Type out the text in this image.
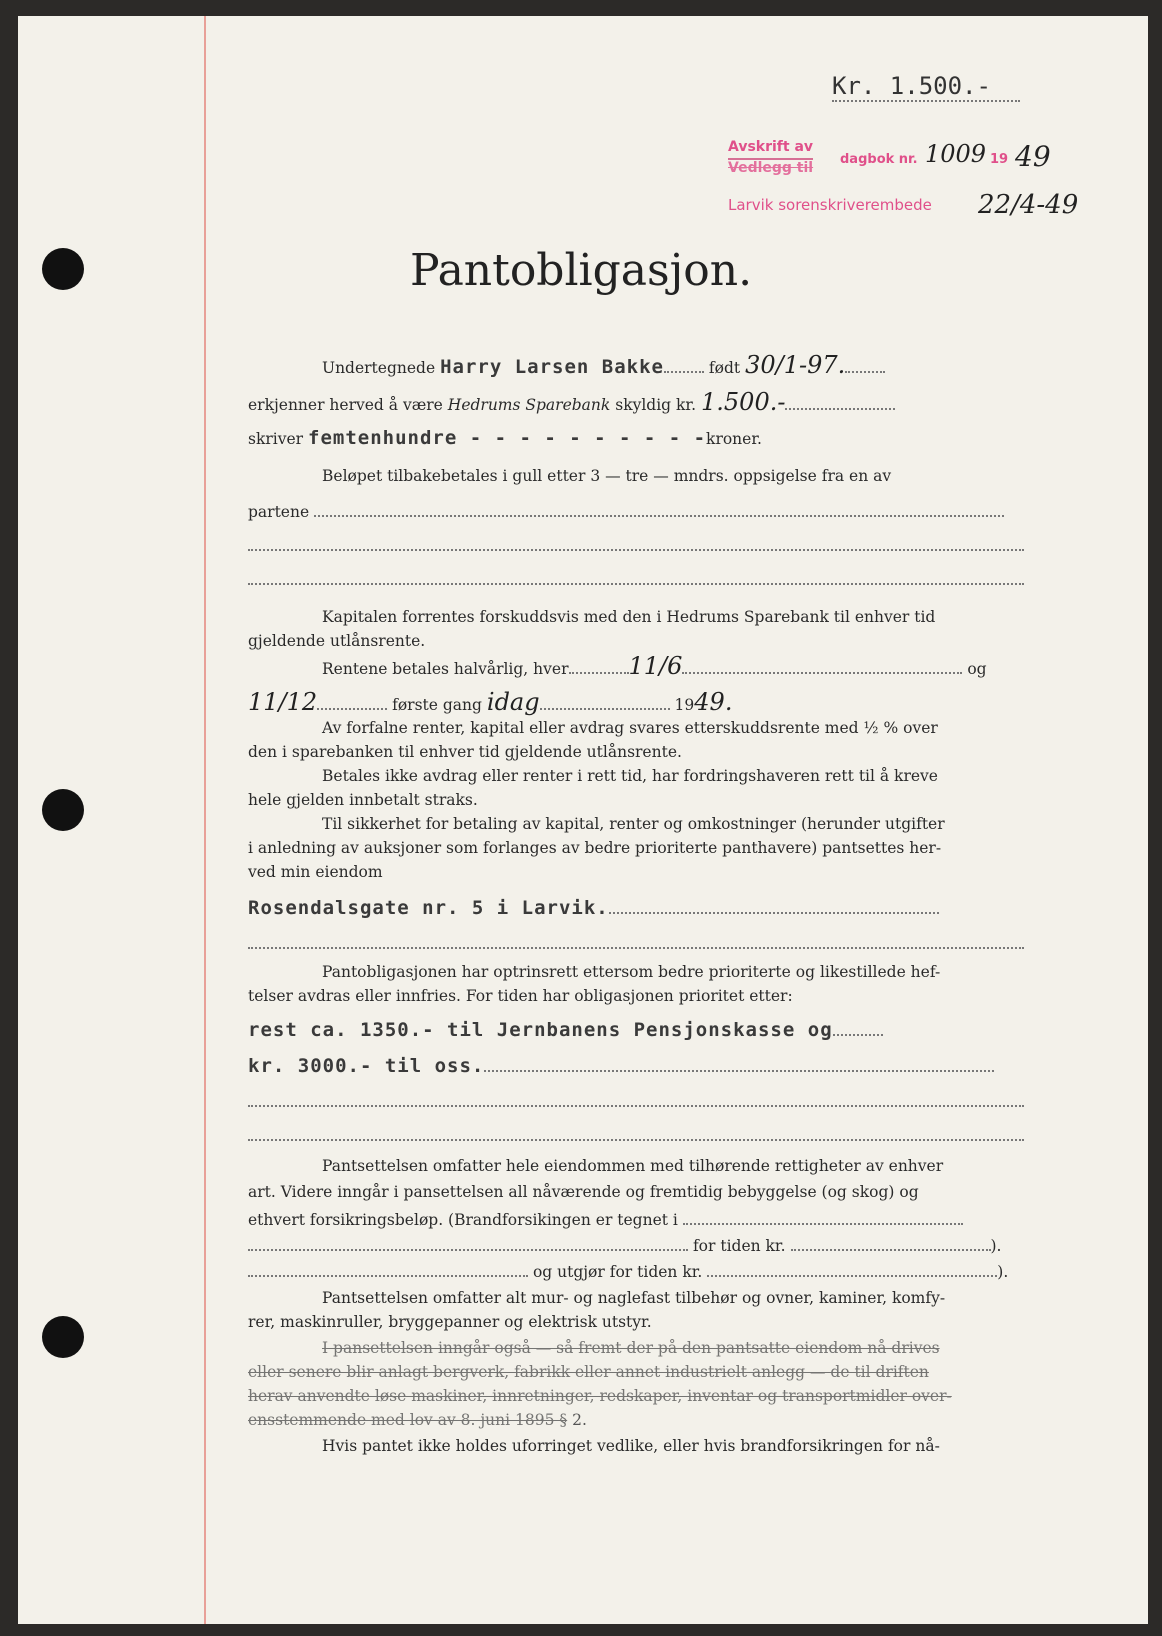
Kr. 1.500.-
Avskrift av
Vedlegg til
dagbok nr. 1009 19 49
Larvik sorenskriverembede 22/4-49
Pantobligasjon.
Undertegnede Harry Larsen Bakke	født 30/1-97.
erkjenner herved å være Hedrums Sparebank skyldig kr. 1.500.-
skriver femtenhundre - - - - - - - - - -kroner.
Beløpet tilbakebetales i gull etter 3 — tre — mndrs. oppsigelse fra en av
partene
Kapitalen forrentes forskuddsvis med den i Hedrums Sparebank til enhver tid
gjeldende utlånsrente.
Rentene betales halvårlig, hver	11/6	og
11/12	første gang idag	1949.
Av forfalne renter, kapital eller avdrag svares etterskuddsrente med ½ % over
den i sparebanken til enhver tid gjeldende utlånsrente.
Betales ikke avdrag eller renter i rett tid, har fordringshaveren rett til å kreve
hele gjelden innbetalt straks.
Til sikkerhet for betaling av kapital, renter og omkostninger (herunder utgifter
i anledning av auksjoner som forlanges av bedre prioriterte panthavere) pantsettes her-
ved min eiendom
Rosendalsgate nr. 5 i Larvik.
Pantobligasjonen har optrinsrett ettersom bedre prioriterte og likestillede hef-
telser avdras eller innfries. For tiden har obligasjonen prioritet etter:
rest ca. 1350.- til Jernbanens Pensjonskasse og
kr. 3000.- til oss.
Pantsettelsen omfatter hele eiendommen med tilhørende rettigheter av enhver
art. Videre inngår i pansettelsen all nåværende og fremtidig bebyggelse (og skog) og
ethvert forsikringsbeløp. (Brandforsikingen er tegnet i
for tiden kr.	).
og utgjør for tiden kr.	).
Pantsettelsen omfatter alt mur- og naglefast tilbehør og ovner, kaminer, komfy-
rer, maskinruller, bryggepanner og elektrisk utstyr.
I pansettelsen inngår også — så fremt der på den pantsatte eiendom nå drives
eller senere blir anlagt bergverk, fabrikk eller annet industrielt anlegg — de til driften
herav anvendte løse maskiner, innretninger, redskaper, inventar og transportmidler over-
ensstemmende med lov av 8. juni 1895 § 2.
Hvis pantet ikke holdes uforringet vedlike, eller hvis brandforsikringen for nå-
